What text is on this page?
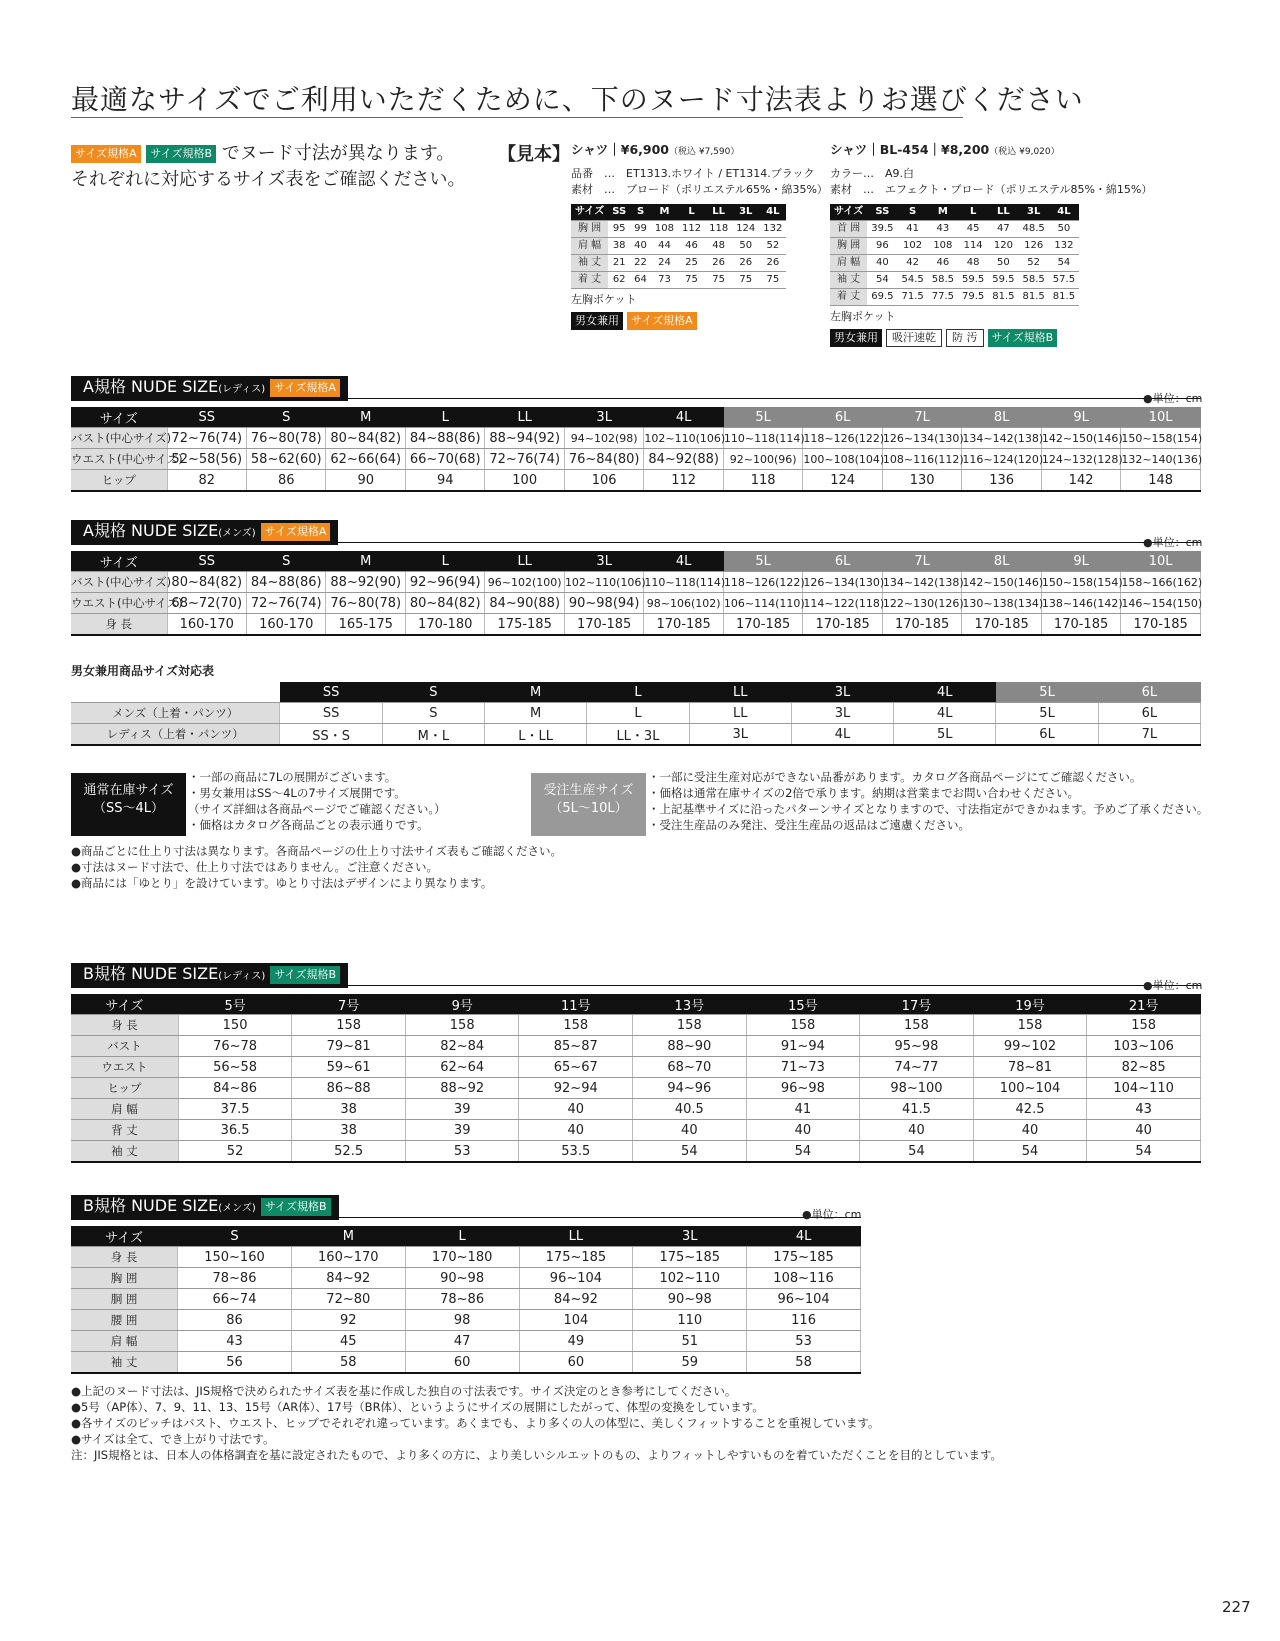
最適なサイズでご利用いただくために、下のヌード寸法表よりお選びください
サイズ規格A サイズ規格B でヌード寸法が異なります。
それぞれに対応するサイズ表をご確認ください。
【見本】 シャツ｜¥6,900（税込 ¥7,590）
品番　…　ET1313.ホワイト / ET1314.ブラック
素材　…　ブロード（ポリエステル65%・綿35%）
サイズ	SS	S	M	L	LL	3L	4L
胸 囲	95	99	108	112	118	124	132
肩 幅	38	40	44	46	48	50	52
袖 丈	21	22	24	25	26	26	26
着 丈	62	64	73	75	75	75	75
左胸ポケット
男女兼用 サイズ規格A
シャツ｜BL-454｜¥8,200（税込 ¥9,020）
カラー…　A9.白
素材　…　エフェクト・ブロード（ポリエステル85%・綿15%）
サイズ	SS	S	M	L	LL	3L	4L
首 囲	39.5	41	43	45	47	48.5	50
胸 囲	96	102	108	114	120	126	132
肩 幅	40	42	46	48	50	52	54
袖 丈	54	54.5	58.5	59.5	59.5	58.5	57.5
着 丈	69.5	71.5	77.5	79.5	81.5	81.5	81.5
左胸ポケット
男女兼用 吸汗速乾 防 汚 サイズ規格B
A規格 NUDE SIZE(レディス) サイズ規格A
●単位：cm
サイズ	SS	S	M	L	LL	3L	4L	5L	6L	7L	8L	9L	10L
バスト(中心サイズ)	72~76(74)	76~80(78)	80~84(82)	84~88(86)	88~94(92)	94~102(98)	102~110(106)	110~118(114)	118~126(122)	126~134(130)	134~142(138)	142~150(146)	150~158(154)
ウエスト(中心サイズ)	52~58(56)	58~62(60)	62~66(64)	66~70(68)	72~76(74)	76~84(80)	84~92(88)	92~100(96)	100~108(104)	108~116(112)	116~124(120)	124~132(128)	132~140(136)
ヒップ	82	86	90	94	100	106	112	118	124	130	136	142	148
A規格 NUDE SIZE(メンズ) サイズ規格A
●単位：cm
サイズ	SS	S	M	L	LL	3L	4L	5L	6L	7L	8L	9L	10L
バスト(中心サイズ)	80~84(82)	84~88(86)	88~92(90)	92~96(94)	96~102(100)	102~110(106)	110~118(114)	118~126(122)	126~134(130)	134~142(138)	142~150(146)	150~158(154)	158~166(162)
ウエスト(中心サイズ)	68~72(70)	72~76(74)	76~80(78)	80~84(82)	84~90(88)	90~98(94)	98~106(102)	106~114(110)	114~122(118)	122~130(126)	130~138(134)	138~146(142)	146~154(150)
身 長	160-170	160-170	165-175	170-180	175-185	170-185	170-185	170-185	170-185	170-185	170-185	170-185	170-185
男女兼用商品サイズ対応表
	SS	S	M	L	LL	3L	4L	5L	6L
メンズ（上着・パンツ）	SS	S	M	L	LL	3L	4L	5L	6L
レディス（上着・パンツ）	SS・S	M・L	L・LL	LL・3L	3L	4L	5L	6L	7L
通常在庫サイズ
（SS～4L）
・一部の商品に7Lの展開がございます。
・男女兼用はSS～4Lの7サイズ展開です。
（サイズ詳細は各商品ページでご確認ください。）
・価格はカタログ各商品ごとの表示通りです。
受注生産サイズ
（5L～10L）
・一部に受注生産対応ができない品番があります。カタログ各商品ページにてご確認ください。
・価格は通常在庫サイズの2倍で承ります。納期は営業までお問い合わせください。
・上記基準サイズに沿ったパターンサイズとなりますので、寸法指定ができかねます。予めご了承ください。
・受注生産品のみ発注、受注生産品の返品はご遠慮ください。
●商品ごとに仕上り寸法は異なります。各商品ページの仕上り寸法サイズ表もご確認ください。
●寸法はヌード寸法で、仕上り寸法ではありません。ご注意ください。
●商品には「ゆとり」を設けています。ゆとり寸法はデザインにより異なります。
B規格 NUDE SIZE(レディス) サイズ規格B
●単位：cm
サイズ	5号	7号	9号	11号	13号	15号	17号	19号	21号
身 長	150	158	158	158	158	158	158	158	158
バスト	76~78	79~81	82~84	85~87	88~90	91~94	95~98	99~102	103~106
ウエスト	56~58	59~61	62~64	65~67	68~70	71~73	74~77	78~81	82~85
ヒップ	84~86	86~88	88~92	92~94	94~96	96~98	98~100	100~104	104~110
肩 幅	37.5	38	39	40	40.5	41	41.5	42.5	43
背 丈	36.5	38	39	40	40	40	40	40	40
袖 丈	52	52.5	53	53.5	54	54	54	54	54
B規格 NUDE SIZE(メンズ) サイズ規格B
●単位：cm
サイズ	S	M	L	LL	3L	4L
身 長	150~160	160~170	170~180	175~185	175~185	175~185
胸 囲	78~86	84~92	90~98	96~104	102~110	108~116
胴 囲	66~74	72~80	78~86	84~92	90~98	96~104
腰 囲	86	92	98	104	110	116
肩 幅	43	45	47	49	51	53
袖 丈	56	58	60	60	59	58
●上記のヌード寸法は、JIS規格で決められたサイズ表を基に作成した独自の寸法表です。サイズ決定のとき参考にしてください。
●5号（AP体）、7、9、11、13、15号（AR体）、17号（BR体）、というようにサイズの展開にしたがって、体型の変換をしています。
●各サイズのピッチはバスト、ウエスト、ヒップでそれぞれ違っています。あくまでも、より多くの人の体型に、美しくフィットすることを重視しています。
●サイズは全て、でき上がり寸法です。
注：JIS規格とは、日本人の体格調査を基に設定されたもので、より多くの方に、より美しいシルエットのもの、よりフィットしやすいものを着ていただくことを目的としています。
227
